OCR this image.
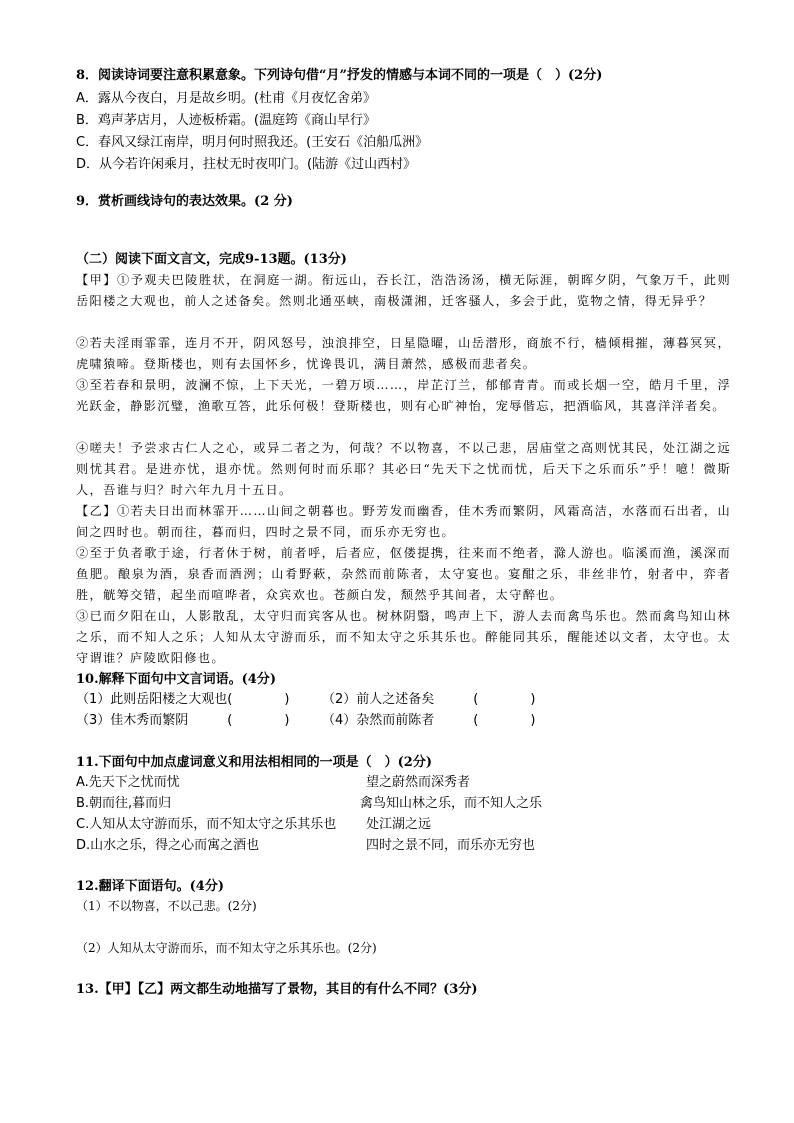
8．阅读诗词要注意积累意象。下列诗句借“月”抒发的情感与本词不同的一项是（　）(2分)
A．露从今夜白，月是故乡明。(杜甫《月夜忆舍弟》
B．鸡声茅店月，人迹板桥霜。(温庭筠《商山早行》
C．春风又绿江南岸，明月何时照我还。(王安石《泊船瓜洲》
D．从今若许闲乘月，拄杖无时夜叩门。(陆游《过山西村》
9．赏析画线诗句的表达效果。(2 分)
（二）阅读下面文言文，完成9-13题。(13分)
【甲】①予观夫巴陵胜状，在洞庭一湖。衔远山，吞长江，浩浩汤汤，横无际涯，朝晖夕阴，气象万千，此则岳阳楼之大观也，前人之述备矣。然则北通巫峡，南极潇湘，迁客骚人，多会于此，览物之情，得无异乎？
②若夫淫雨霏霏，连月不开，阴风怒号，浊浪排空，日星隐曜，山岳潜形，商旅不行，樯倾楫摧，薄暮冥冥，虎啸猿啼。登斯楼也，则有去国怀乡，忧谗畏讥，满目萧然，感极而悲者矣。
③至若春和景明，波澜不惊，上下天光，一碧万顷……，岸芷汀兰，郁郁青青。而或长烟一空，皓月千里，浮光跃金，静影沉璧，渔歌互答，此乐何极！登斯楼也，则有心旷神怡，宠辱偕忘，把酒临风，其喜洋洋者矣。
④嗟夫！予尝求古仁人之心，或异二者之为，何哉？不以物喜，不以己悲，居庙堂之高则忧其民，处江湖之远则忧其君。是进亦忧，退亦忧。然则何时而乐耶？其必曰“先天下之忧而忧，后天下之乐而乐”乎！噫！微斯人，吾谁与归？时六年九月十五日。
【乙】①若夫日出而林霏开……山间之朝暮也。野芳发而幽香，佳木秀而繁阴，风霜高洁，水落而石出者，山间之四时也。朝而往，暮而归，四时之景不同，而乐亦无穷也。
②至于负者歌于途，行者休于树，前者呼，后者应，伛偻提携，往来而不绝者，滁人游也。临溪而渔，溪深而鱼肥。酿泉为酒，泉香而酒洌；山肴野蔌，杂然而前陈者，太守宴也。宴酣之乐，非丝非竹，射者中，弈者胜，觥筹交错，起坐而喧哗者，众宾欢也。苍颜白发，颓然乎其间者，太守醉也。
③已而夕阳在山，人影散乱，太守归而宾客从也。树林阴翳，鸣声上下，游人去而禽鸟乐也。然而禽鸟知山林之乐，而不知人之乐；人知从太守游而乐，而不知太守之乐其乐也。醉能同其乐，醒能述以文者，太守也。太守谓谁？庐陵欧阳修也。
10.解释下面句中文言词语。(4分)
（1）此则岳阳楼之大观也(　　　　)	（2）前人之述备矣　　　(　　　　)
（3）佳木秀而繁阴　　　(　　　　)	（4）杂然而前陈者　　　(　　　　)
11.下面句中加点虚词意义和用法相相同的一项是（　）(2分)
A.先天下之忧而忧	望之蔚然而深秀者
B.朝而往,暮而归	禽鸟知山林之乐，而不知人之乐
C.人知从太守游而乐，而不知太守之乐其乐也 处江湖之远
D.山水之乐，得之心而寓之酒也	四时之景不同，而乐亦无穷也
12.翻译下面语句。(4分)
（1）不以物喜，不以己悲。(2分)
（2）人知从太守游而乐，而不知太守之乐其乐也。(2分)
13.【甲】【乙】两文都生动地描写了景物，其目的有什么不同？(3分)
